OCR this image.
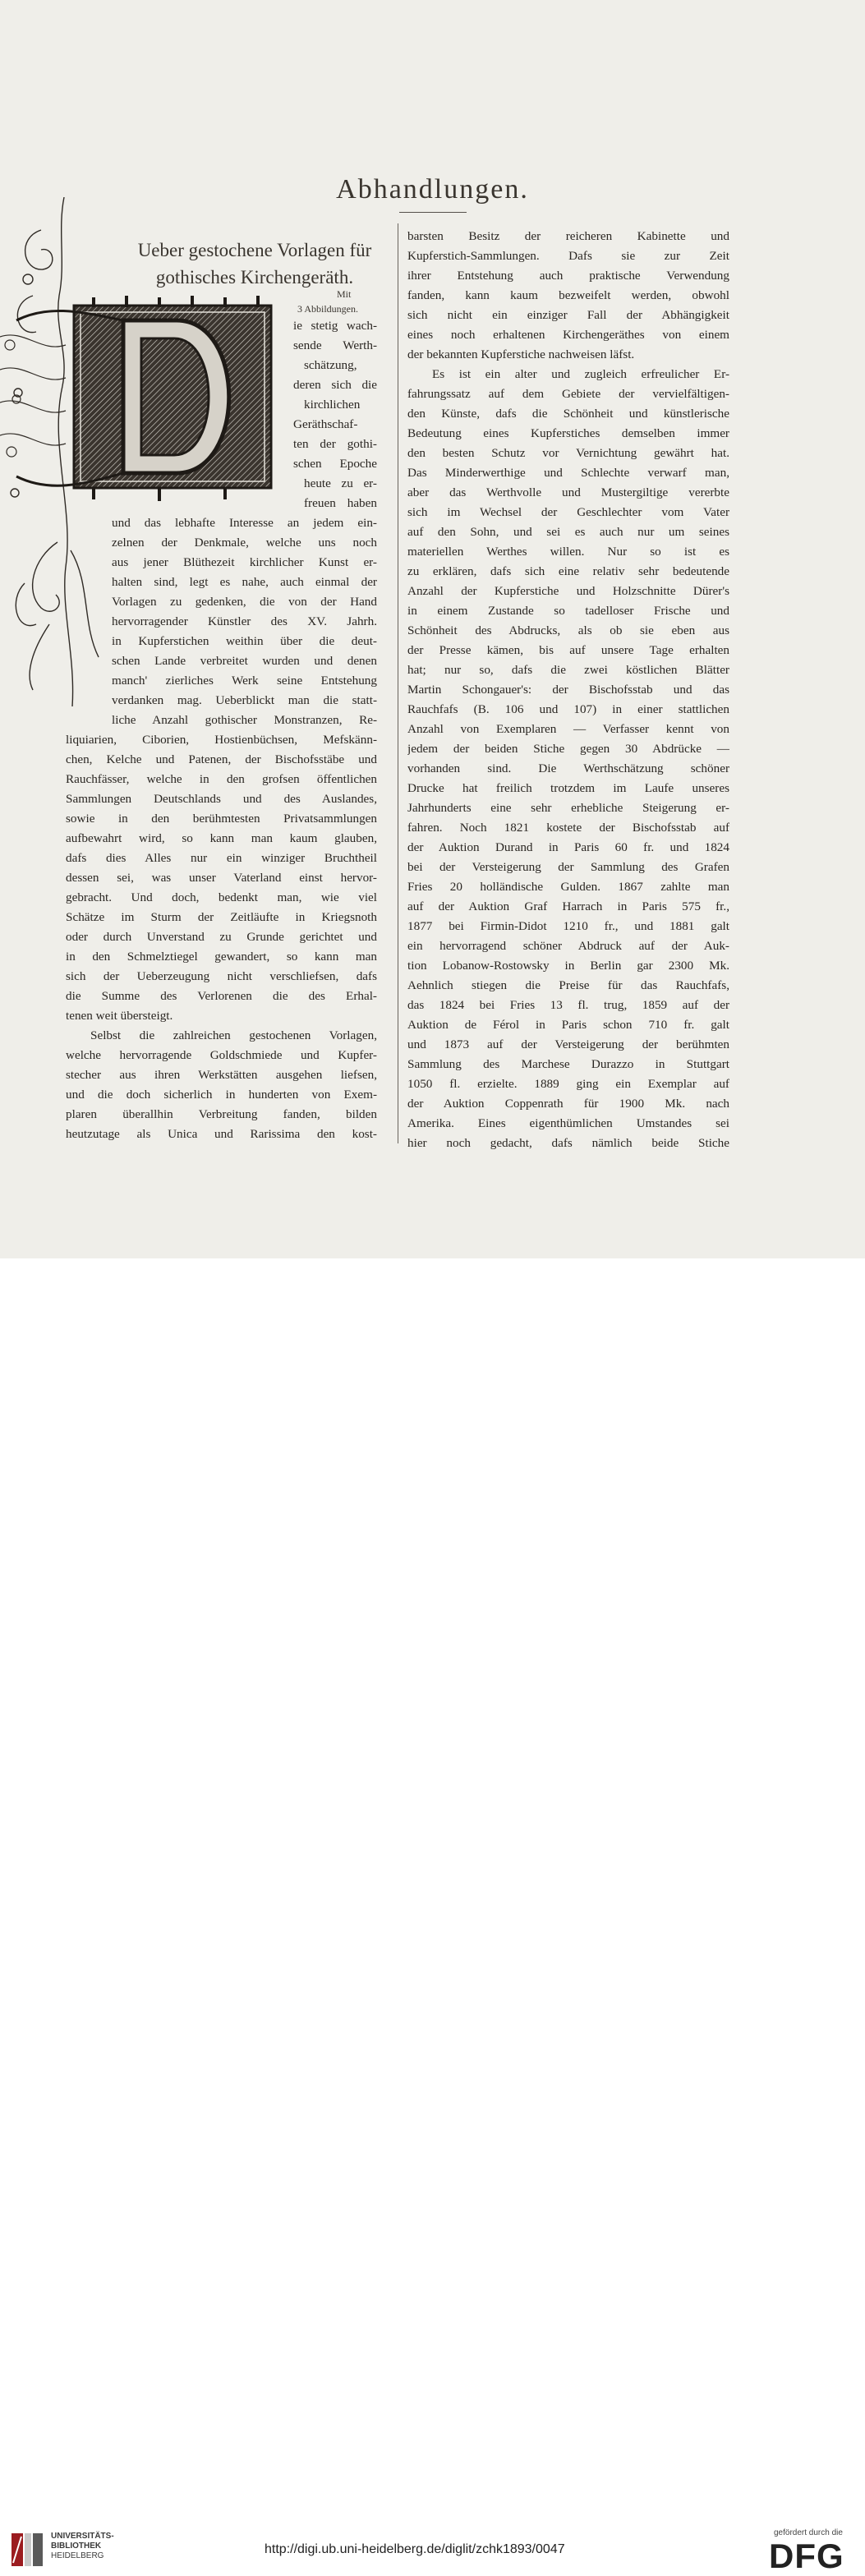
Abhandlungen.
Ueber gestochene Vorlagen für
gothisches Kirchengeräth.
Mit
3 Abbildungen.
ie stetig wach-
sende Werth-
schätzung,
deren sich die
kirchlichen
Geräthschaf-
ten der gothi-
schen Epoche
heute zu er-
freuen haben
und das lebhafte Interesse an jedem ein-
zelnen der Denkmale, welche uns noch
aus jener Blüthezeit kirchlicher Kunst er-
halten sind, legt es nahe, auch einmal der
Vorlagen zu gedenken, die von der Hand
hervorragender Künstler des XV. Jahrh.
in Kupferstichen weithin über die deut-
schen Lande verbreitet wurden und denen
manch' zierliches Werk seine Entstehung
verdanken mag. Ueberblickt man die statt-
liche Anzahl gothischer Monstranzen, Re-
liquiarien, Ciborien, Hostienbüchsen, Mefskänn-
chen, Kelche und Patenen, der Bischofsstäbe und
Rauchfässer, welche in den grofsen öffentlichen
Sammlungen Deutschlands und des Auslandes,
sowie in den berühmtesten Privatsammlungen
aufbewahrt wird, so kann man kaum glauben,
dafs dies Alles nur ein winziger Bruchtheil
dessen sei, was unser Vaterland einst hervor-
gebracht. Und doch, bedenkt man, wie viel
Schätze im Sturm der Zeitläufte in Kriegsnoth
oder durch Unverstand zu Grunde gerichtet und
in den Schmelztiegel gewandert, so kann man
sich der Ueberzeugung nicht verschliefsen, dafs
die Summe des Verlorenen die des Erhal-
tenen weit übersteigt.
Selbst die zahlreichen gestochenen Vorlagen,
welche hervorragende Goldschmiede und Kupfer-
stecher aus ihren Werkstätten ausgehen liefsen,
und die doch sicherlich in hunderten von Exem-
plaren überallhin Verbreitung fanden, bilden
heutzutage als Unica und Rarissima den kost-
barsten Besitz der reicheren Kabinette und
Kupferstich-Sammlungen. Dafs sie zur Zeit
ihrer Entstehung auch praktische Verwendung
fanden, kann kaum bezweifelt werden, obwohl
sich nicht ein einziger Fall der Abhängigkeit
eines noch erhaltenen Kirchengeräthes von einem
der bekannten Kupferstiche nachweisen läfst.
Es ist ein alter und zugleich erfreulicher Er-
fahrungssatz auf dem Gebiete der vervielfältigen-
den Künste, dafs die Schönheit und künstlerische
Bedeutung eines Kupferstiches demselben immer
den besten Schutz vor Vernichtung gewährt hat.
Das Minderwerthige und Schlechte verwarf man,
aber das Werthvolle und Mustergiltige vererbte
sich im Wechsel der Geschlechter vom Vater
auf den Sohn, und sei es auch nur um seines
materiellen Werthes willen. Nur so ist es
zu erklären, dafs sich eine relativ sehr bedeutende
Anzahl der Kupferstiche und Holzschnitte Dürer's
in einem Zustande so tadelloser Frische und
Schönheit des Abdrucks, als ob sie eben aus
der Presse kämen, bis auf unsere Tage erhalten
hat; nur so, dafs die zwei köstlichen Blätter
Martin Schongauer's: der Bischofsstab und das
Rauchfafs (B. 106 und 107) in einer stattlichen
Anzahl von Exemplaren — Verfasser kennt von
jedem der beiden Stiche gegen 30 Abdrücke —
vorhanden sind. Die Werthschätzung schöner
Drucke hat freilich trotzdem im Laufe unseres
Jahrhunderts eine sehr erhebliche Steigerung er-
fahren. Noch 1821 kostete der Bischofsstab auf
der Auktion Durand in Paris 60 fr. und 1824
bei der Versteigerung der Sammlung des Grafen
Fries 20 holländische Gulden. 1867 zahlte man
auf der Auktion Graf Harrach in Paris 575 fr.,
1877 bei Firmin-Didot 1210 fr., und 1881 galt
ein hervorragend schöner Abdruck auf der Auk-
tion Lobanow-Rostowsky in Berlin gar 2300 Mk.
Aehnlich stiegen die Preise für das Rauchfafs,
das 1824 bei Fries 13 fl. trug, 1859 auf der
Auktion de Férol in Paris schon 710 fr. galt
und 1873 auf der Versteigerung der berühmten
Sammlung des Marchese Durazzo in Stuttgart
1050 fl. erzielte. 1889 ging ein Exemplar auf
der Auktion Coppenrath für 1900 Mk. nach
Amerika. Eines eigenthümlichen Umstandes sei
hier noch gedacht, dafs nämlich beide Stiche
UNIVERSITÄTS-
BIBLIOTHEK
HEIDELBERG	http://digi.ub.uni-heidelberg.de/diglit/zchk1893/0047
gefördert durch die
DFG
